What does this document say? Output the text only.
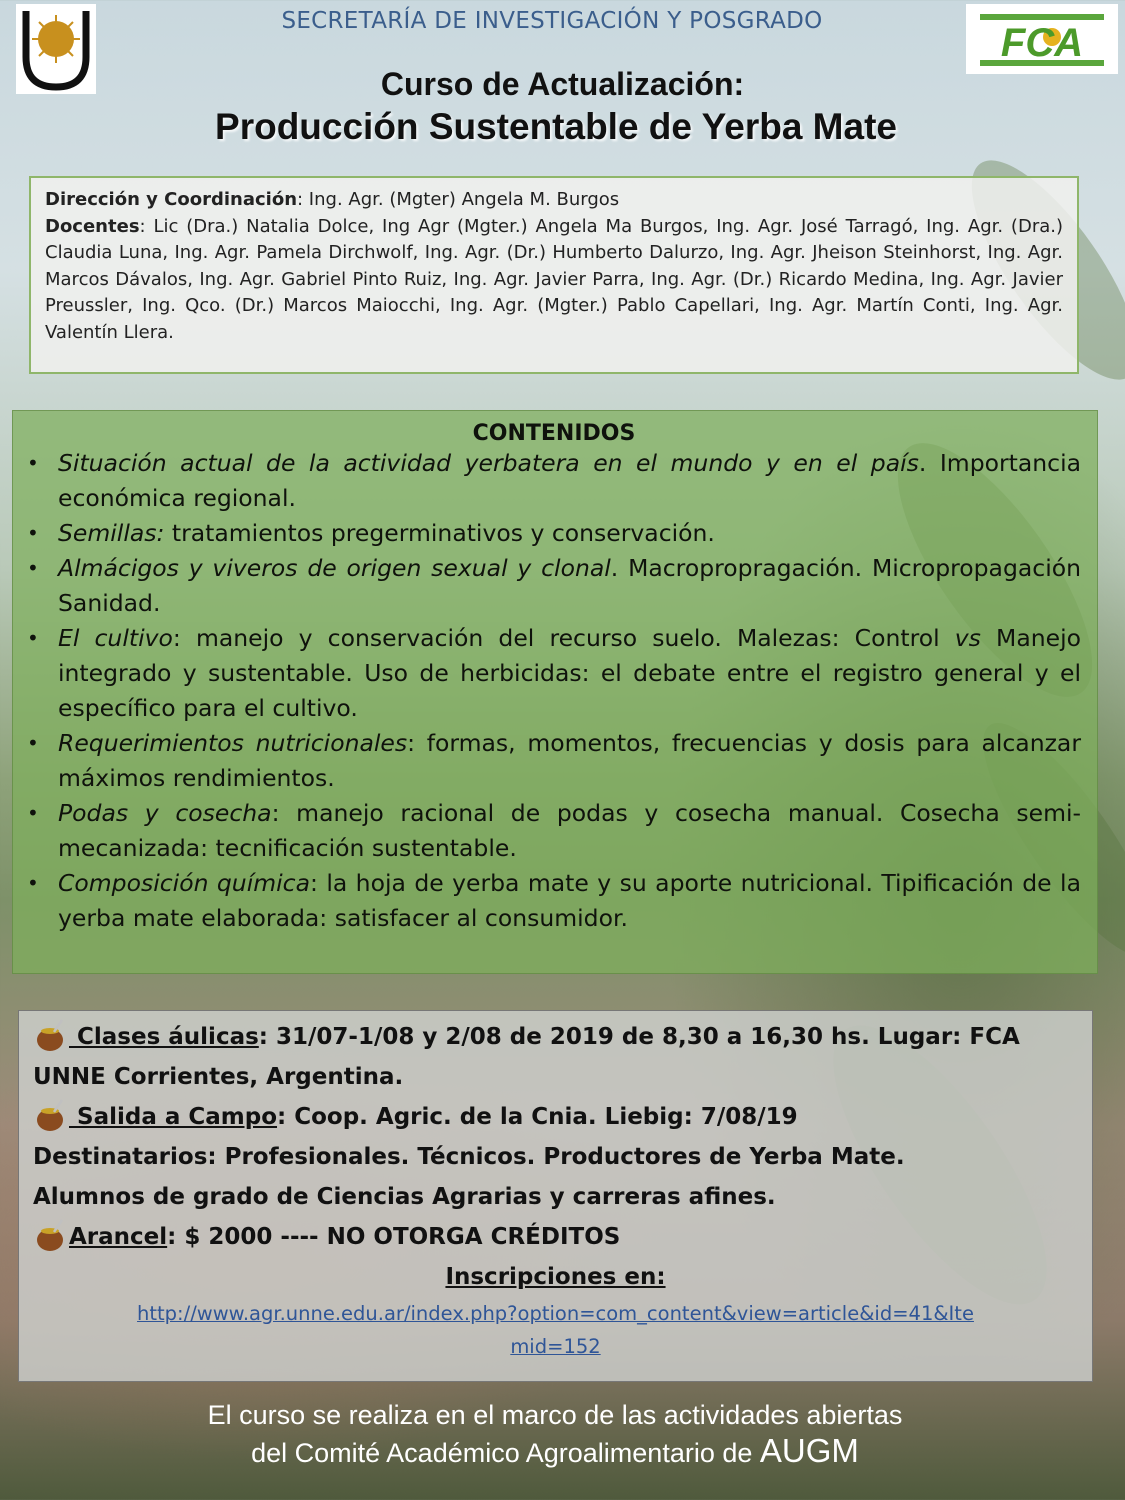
FCA
SECRETARÍA DE INVESTIGACIÓN Y POSGRADO
Curso de Actualización:
Producción Sustentable de Yerba Mate
Dirección y Coordinación: Ing. Agr. (Mgter) Angela M. Burgos
Docentes: Lic (Dra.) Natalia Dolce, Ing Agr (Mgter.) Angela Ma Burgos, Ing. Agr. José Tarragó, Ing. Agr. (Dra.) Claudia Luna, Ing. Agr. Pamela Dirchwolf, Ing. Agr. (Dr.) Humberto Dalurzo, Ing. Agr. Jheison Steinhorst, Ing. Agr. Marcos Dávalos, Ing. Agr. Gabriel Pinto Ruiz, Ing. Agr. Javier Parra, Ing. Agr. (Dr.) Ricardo Medina, Ing. Agr. Javier Preussler, Ing. Qco. (Dr.) Marcos Maiocchi, Ing. Agr. (Mgter.) Pablo Capellari, Ing. Agr. Martín Conti, Ing. Agr. Valentín Llera.
CONTENIDOS
• Situación actual de la actividad yerbatera en el mundo y en el país. Importancia económica regional.
• Semillas: tratamientos pregerminativos y conservación.
• Almácigos y viveros de origen sexual y clonal. Macropropragación. Micropropagación Sanidad.
• El cultivo: manejo y conservación del recurso suelo. Malezas: Control vs Manejo integrado y sustentable. Uso de herbicidas: el debate entre el registro general y el específico para el cultivo.
• Requerimientos nutricionales: formas, momentos, frecuencias y dosis para alcanzar máximos rendimientos.
• Podas y cosecha: manejo racional de podas y cosecha manual. Cosecha semi-mecanizada: tecnificación sustentable.
• Composición química: la hoja de yerba mate y su aporte nutricional. Tipificación de la yerba mate elaborada: satisfacer al consumidor.
Clases áulicas: 31/07-1/08 y 2/08 de 2019 de 8,30 a 16,30 hs. Lugar: FCA
UNNE Corrientes, Argentina.
Salida a Campo: Coop. Agric. de la Cnia. Liebig: 7/08/19
Destinatarios: Profesionales. Técnicos. Productores de Yerba Mate.
Alumnos de grado de Ciencias Agrarias y carreras afines.
Arancel: $ 2000 ---- NO OTORGA CRÉDITOS
Inscripciones en:
http://www.agr.unne.edu.ar/index.php?option=com_content&view=article&id=41&Ite
mid=152
El curso se realiza en el marco de las actividades abiertas
del Comité Académico Agroalimentario de AUGM
